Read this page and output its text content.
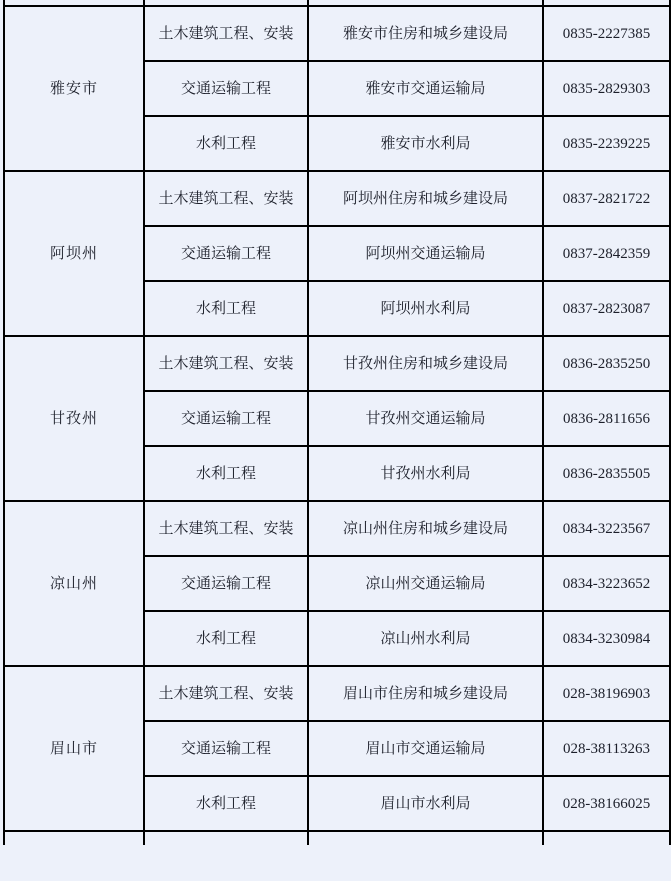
雅安市	土木建筑工程、安装	雅安市住房和城乡建设局	0835-2227385
	交通运输工程	雅安市交通运输局	0835-2829303
	水利工程	雅安市水利局	0835-2239225
阿坝州	土木建筑工程、安装	阿坝州住房和城乡建设局	0837-2821722
	交通运输工程	阿坝州交通运输局	0837-2842359
	水利工程	阿坝州水利局	0837-2823087
甘孜州	土木建筑工程、安装	甘孜州住房和城乡建设局	0836-2835250
	交通运输工程	甘孜州交通运输局	0836-2811656
	水利工程	甘孜州水利局	0836-2835505
凉山州	土木建筑工程、安装	凉山州住房和城乡建设局	0834-3223567
	交通运输工程	凉山州交通运输局	0834-3223652
	水利工程	凉山州水利局	0834-3230984
眉山市	土木建筑工程、安装	眉山市住房和城乡建设局	028-38196903
	交通运输工程	眉山市交通运输局	028-38113263
	水利工程	眉山市水利局	028-38166025
